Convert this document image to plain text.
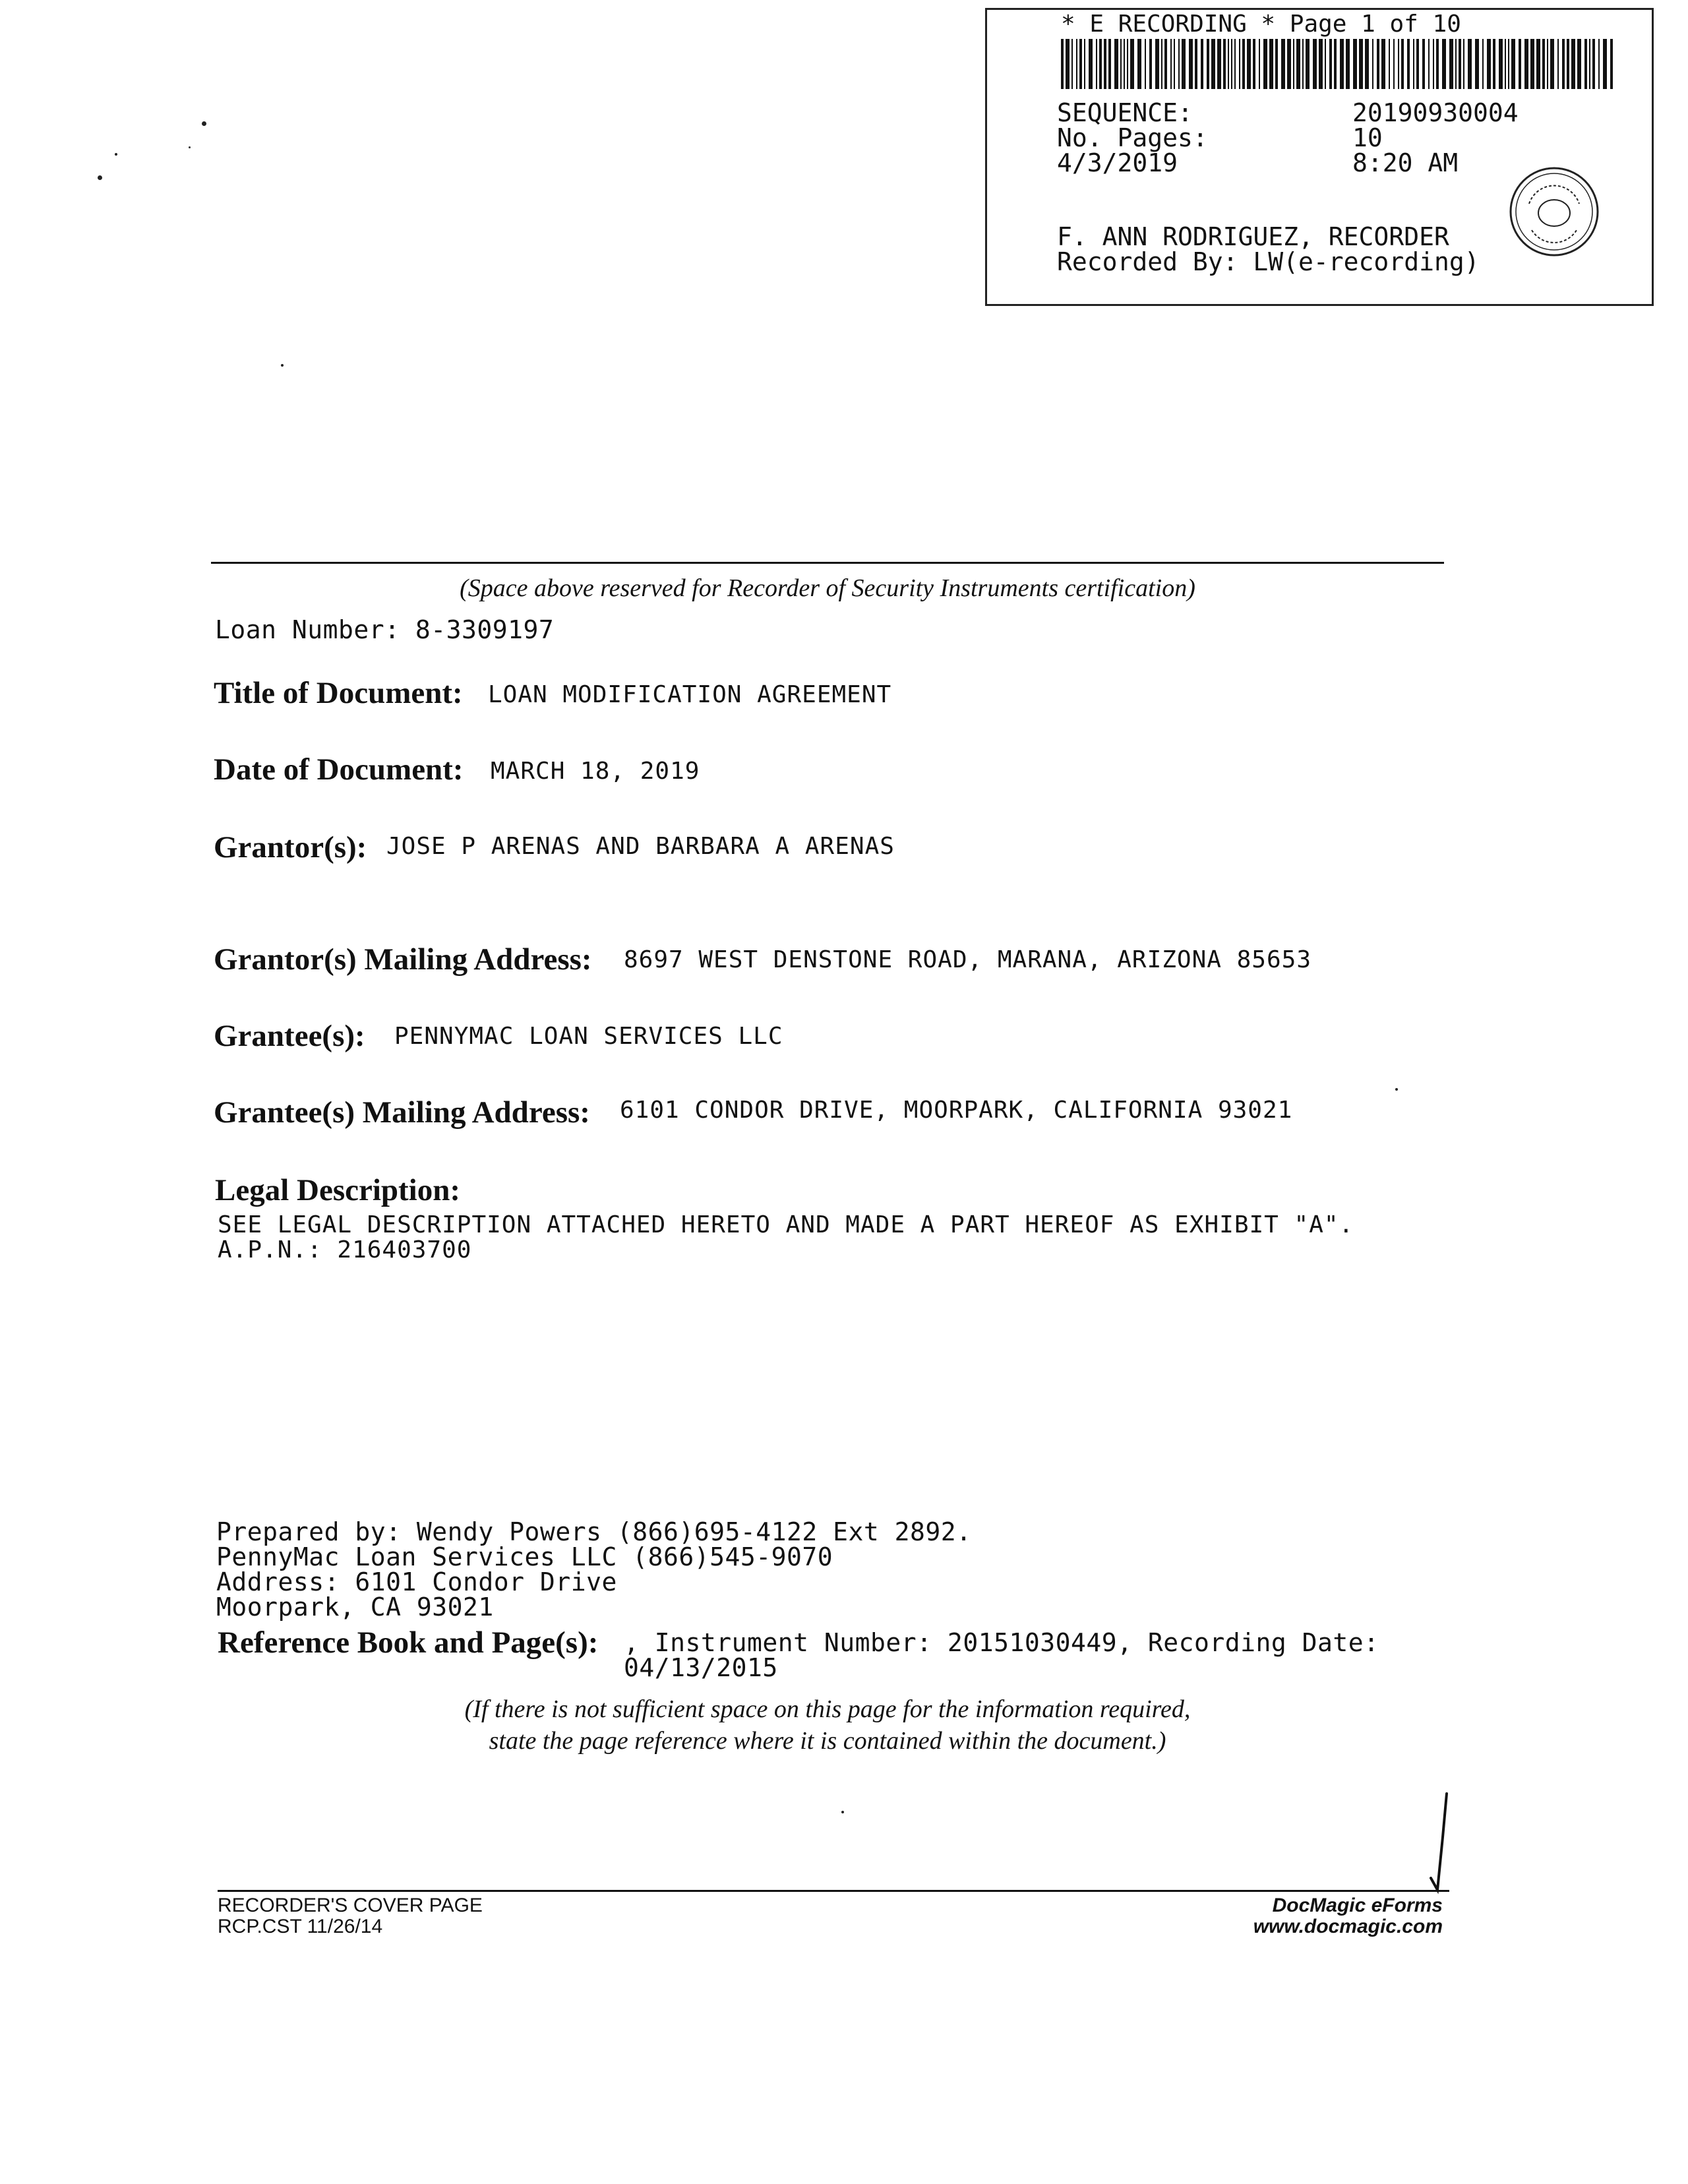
* E RECORDING * Page 1 of 10
SEQUENCE:	20190930004
No. Pages:	10
4/3/2019	8:20 AM
F. ANN RODRIGUEZ, RECORDER
Recorded By: LW(e-recording)
(Space above reserved for Recorder of Security Instruments certification)
Loan Number: 8-3309197
Title of Document: LOAN MODIFICATION AGREEMENT
Date of Document: MARCH 18, 2019
Grantor(s): JOSE P ARENAS AND BARBARA A ARENAS
Grantor(s) Mailing Address: 8697 WEST DENSTONE ROAD, MARANA, ARIZONA 85653
Grantee(s): PENNYMAC LOAN SERVICES LLC
Grantee(s) Mailing Address: 6101 CONDOR DRIVE, MOORPARK, CALIFORNIA 93021
Legal Description:
SEE LEGAL DESCRIPTION ATTACHED HERETO AND MADE A PART HEREOF AS EXHIBIT "A".
A.P.N.: 216403700
Prepared by: Wendy Powers (866)695-4122 Ext 2892.
PennyMac Loan Services LLC (866)545-9070
Address: 6101 Condor Drive
Moorpark, CA 93021
Reference Book and Page(s): , Instrument Number: 20151030449, Recording Date:
04/13/2015
(If there is not sufficient space on this page for the information required,
state the page reference where it is contained within the document.)
RECORDER'S COVER PAGE
RCP.CST 11/26/14
DocMagic eForms
www.docmagic.com
